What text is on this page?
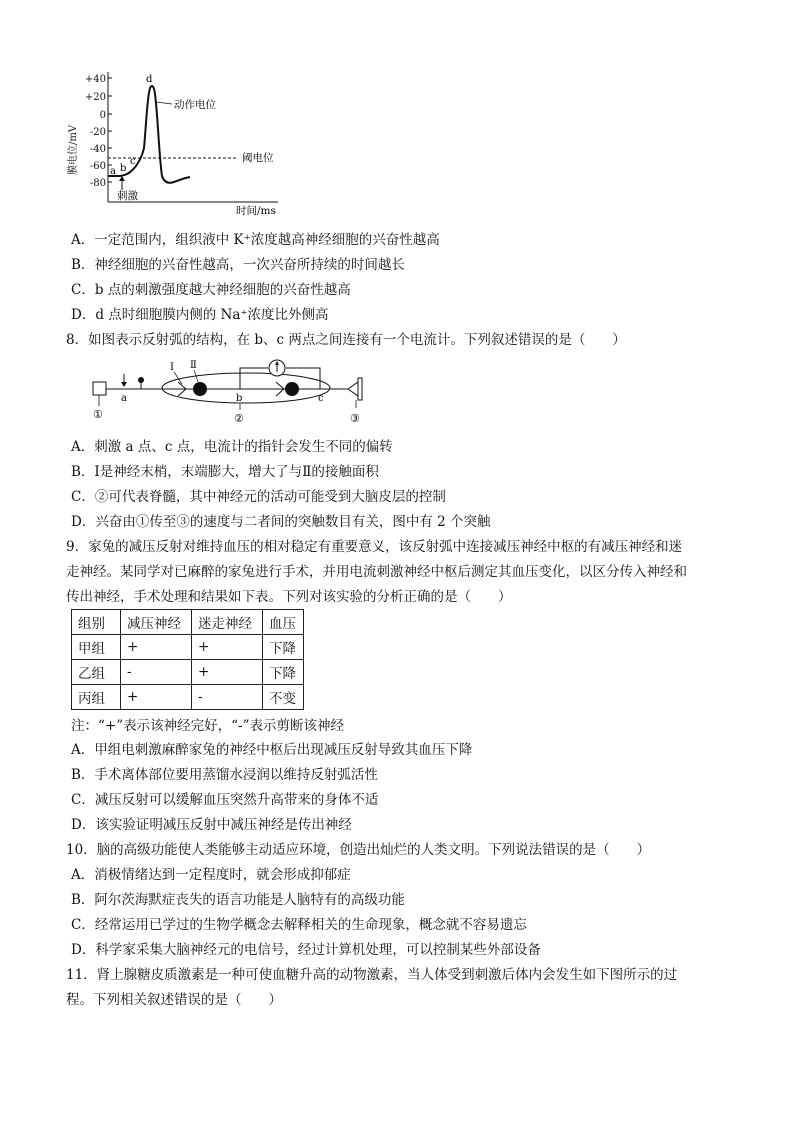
膜电位/mV
+40
+20
0
-20
-40
-60
-80
阈电位
d
b
c
a
动作电位
刺激
时间/ms
A．一定范围内，组织液中 K⁺浓度越高神经细胞的兴奋性越高
B．神经细胞的兴奋性越高，一次兴奋所持续的时间越长
C．b 点的刺激强度越大神经细胞的兴奋性越高
D．d 点时细胞膜内侧的 Na⁺浓度比外侧高
8．如图表示反射弧的结构，在 b、c 两点之间连接有一个电流计。下列叙述错误的是（　　）
①
a
Ⅰ Ⅱ
b	c
②	③
A．刺激 a 点、c 点，电流计的指针会发生不同的偏转
B．Ⅰ是神经末梢，末端膨大，增大了与Ⅱ的接触面积
C．②可代表脊髓，其中神经元的活动可能受到大脑皮层的控制
D．兴奋由①传至③的速度与二者间的突触数目有关，图中有 2 个突触
9．家兔的减压反射对维持血压的相对稳定有重要意义，该反射弧中连接减压神经中枢的有减压神经和迷
走神经。某同学对已麻醉的家兔进行手术，并用电流刺激神经中枢后测定其血压变化，以区分传入神经和
传出神经，手术处理和结果如下表。下列对该实验的分析正确的是（　　）
组别	减压神经	迷走神经	血压
甲组	+	+	下降
乙组	-	+	下降
丙组	+	-	不变
注：“+”表示该神经完好，“-”表示剪断该神经
A．甲组电刺激麻醉家兔的神经中枢后出现减压反射导致其血压下降
B．手术离体部位要用蒸馏水浸润以维持反射弧活性
C．减压反射可以缓解血压突然升高带来的身体不适
D．该实验证明减压反射中减压神经是传出神经
10．脑的高级功能使人类能够主动适应环境，创造出灿烂的人类文明。下列说法错误的是（　　）
A．消极情绪达到一定程度时，就会形成抑郁症
B．阿尔茨海默症丧失的语言功能是人脑特有的高级功能
C．经常运用已学过的生物学概念去解释相关的生命现象，概念就不容易遗忘
D．科学家采集大脑神经元的电信号，经过计算机处理，可以控制某些外部设备
11．肾上腺糖皮质激素是一种可使血糖升高的动物激素，当人体受到刺激后体内会发生如下图所示的过
程。下列相关叙述错误的是（　　）
